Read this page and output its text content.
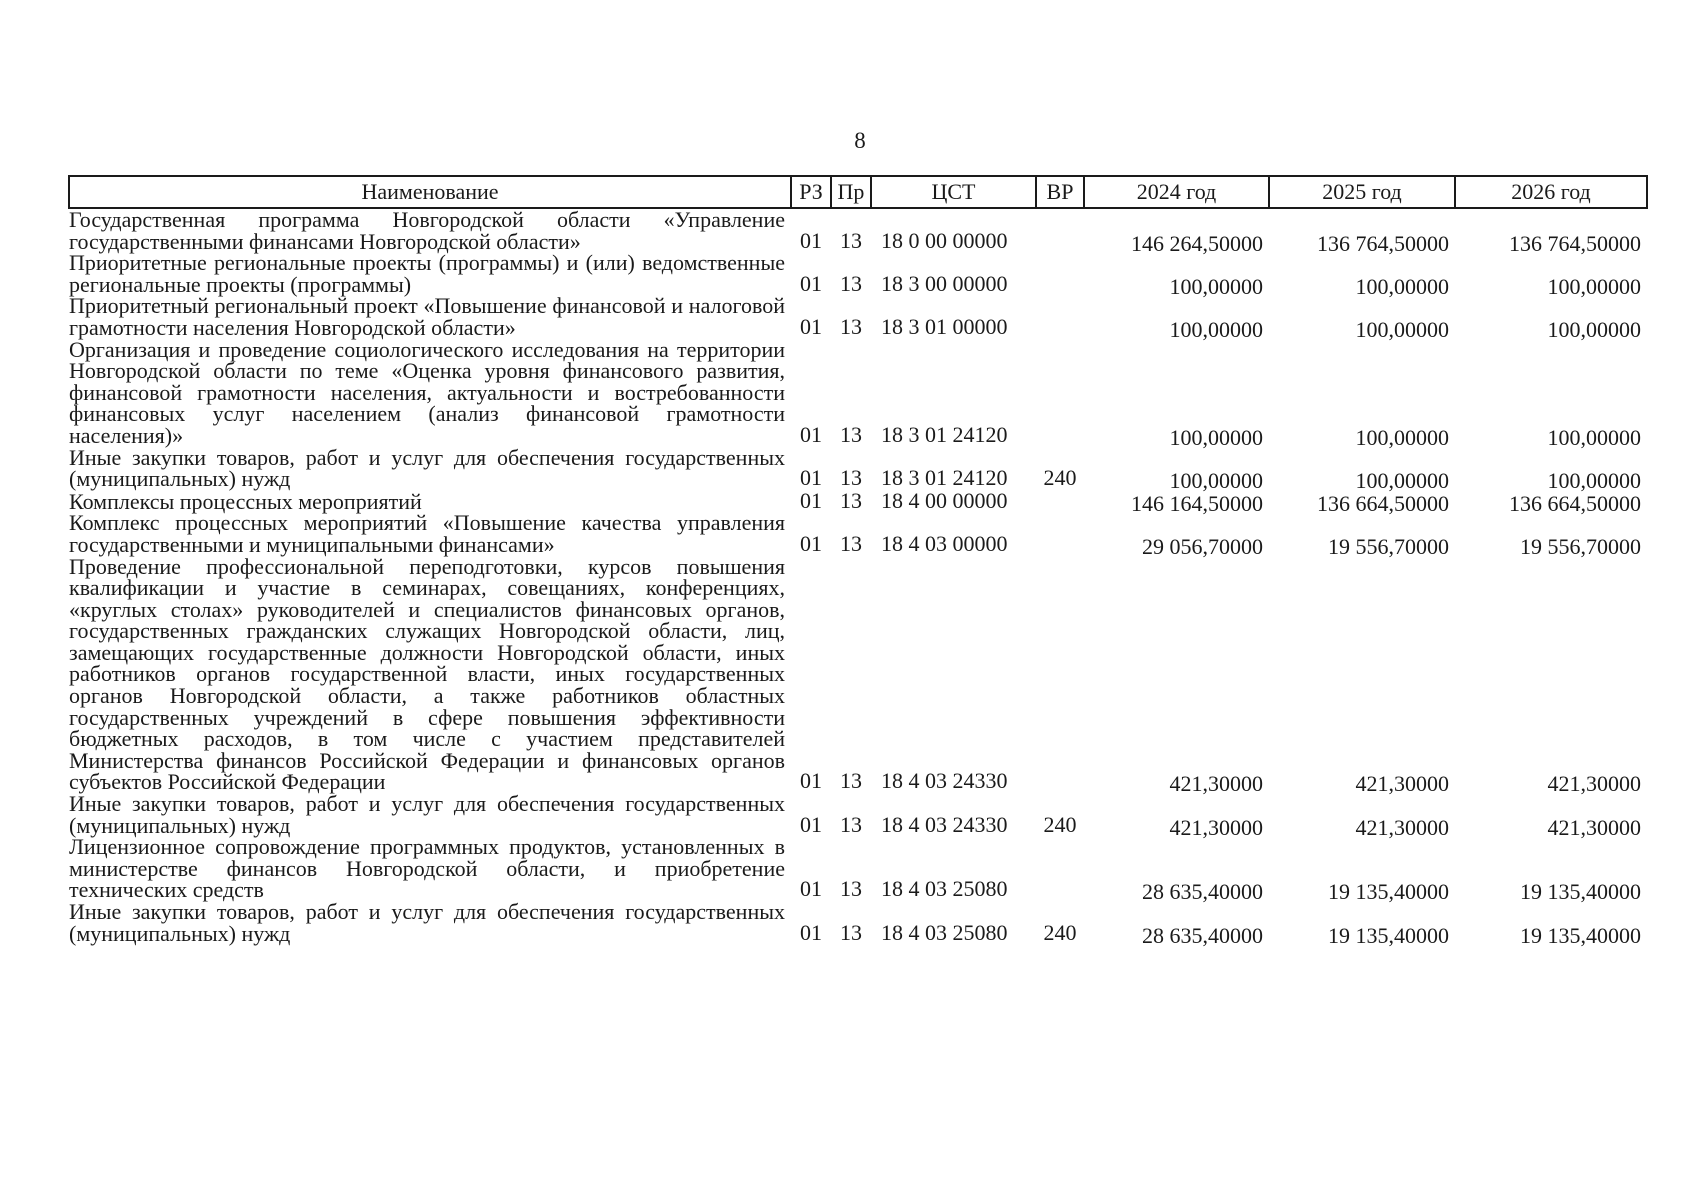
8
Наименование	РЗ	Пр	ЦСТ	ВР	2024 год	2025 год	2026 год
Государственная программа Новгородской области «Управление государственными финансами Новгородской области»	01	13	18 0 00 00000		146 264,50000	136 764,50000	136 764,50000
Приоритетные региональные проекты (программы) и (или) ведомственные региональные проекты (программы)	01	13	18 3 00 00000		100,00000	100,00000	100,00000
Приоритетный региональный проект «Повышение финансовой и налоговой грамотности населения Новгородской области»	01	13	18 3 01 00000		100,00000	100,00000	100,00000
Организация и проведение социологического исследования на территории Новгородской области по теме «Оценка уровня финансового развития, финансовой грамотности населения, актуальности и востребованности финансовых услуг населением (анализ финансовой грамотности населения)»	01	13	18 3 01 24120		100,00000	100,00000	100,00000
Иные закупки товаров, работ и услуг для обеспечения государственных (муниципальных) нужд	01	13	18 3 01 24120	240	100,00000	100,00000	100,00000
Комплексы процессных мероприятий	01	13	18 4 00 00000		146 164,50000	136 664,50000	136 664,50000
Комплекс процессных мероприятий «Повышение качества управления государственными и муниципальными финансами»	01	13	18 4 03 00000		29 056,70000	19 556,70000	19 556,70000
Проведение профессиональной переподготовки, курсов повышения квалификации и участие в семинарах, совещаниях, конференциях, «круглых столах» руководителей и специалистов финансовых органов, государственных гражданских служащих Новгородской области, лиц, замещающих государственные должности Новгородской области, иных работников органов государственной власти, иных государственных органов Новгородской области, а также работников областных государственных учреждений в сфере повышения эффективности бюджетных расходов, в том числе с участием представителей Министерства финансов Российской Федерации и финансовых органов субъектов Российской Федерации	01	13	18 4 03 24330		421,30000	421,30000	421,30000
Иные закупки товаров, работ и услуг для обеспечения государственных (муниципальных) нужд	01	13	18 4 03 24330	240	421,30000	421,30000	421,30000
Лицензионное сопровождение программных продуктов, установленных в министерстве финансов Новгородской области, и приобретение технических средств	01	13	18 4 03 25080		28 635,40000	19 135,40000	19 135,40000
Иные закупки товаров, работ и услуг для обеспечения государственных (муниципальных) нужд	01	13	18 4 03 25080	240	28 635,40000	19 135,40000	19 135,40000
